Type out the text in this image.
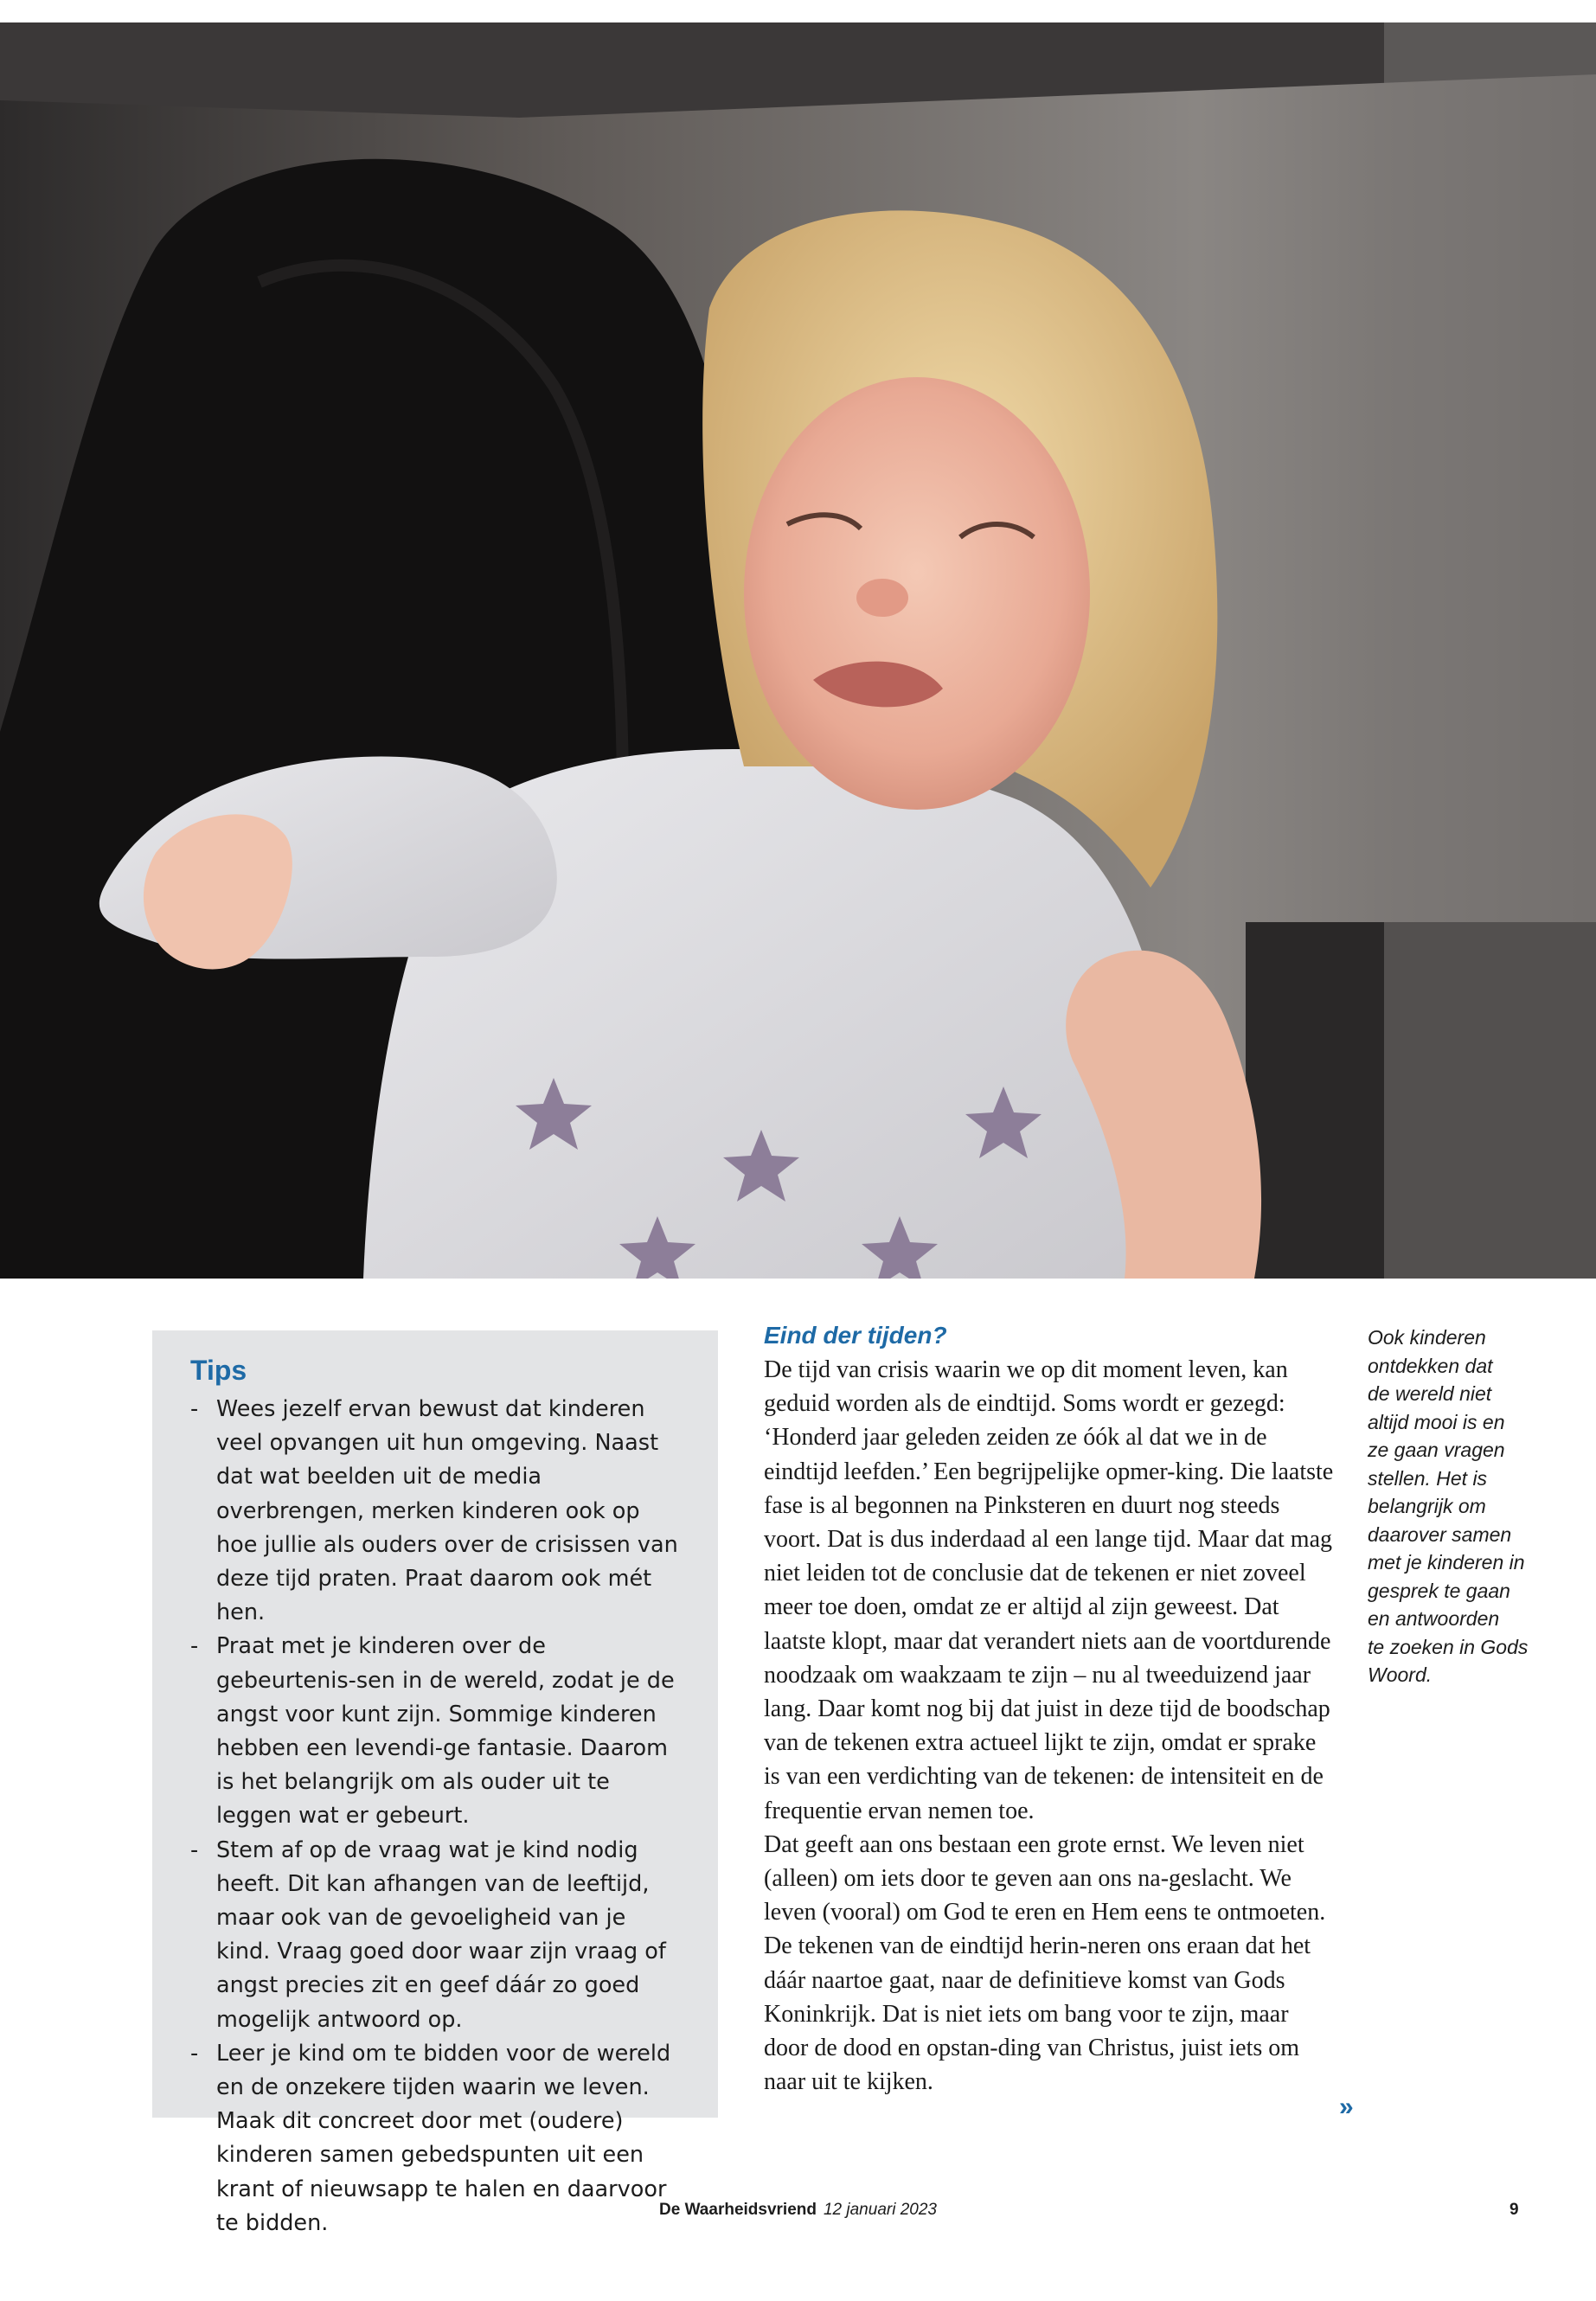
Tips
- Wees jezelf ervan bewust dat kinderen veel opvangen uit hun omgeving. Naast dat wat beelden uit de media overbrengen, merken kinderen ook op hoe jullie als ouders over de crisissen van deze tijd praten. Praat daarom ook mét hen.
- Praat met je kinderen over de gebeurtenis-sen in de wereld, zodat je de angst voor kunt zijn. Sommige kinderen hebben een levendi-ge fantasie. Daarom is het belangrijk om als ouder uit te leggen wat er gebeurt.
- Stem af op de vraag wat je kind nodig heeft. Dit kan afhangen van de leeftijd, maar ook van de gevoeligheid van je kind. Vraag goed door waar zijn vraag of angst precies zit en geef dáár zo goed mogelijk antwoord op.
- Leer je kind om te bidden voor de wereld en de onzekere tijden waarin we leven. Maak dit concreet door met (oudere) kinderen samen gebedspunten uit een krant of nieuwsapp te halen en daarvoor te bidden.
Eind der tijden?

De tijd van crisis waarin we op dit moment leven, kan geduid worden als de eindtijd. Soms wordt er gezegd: ‘Honderd jaar geleden zeiden ze óók al dat we in de eindtijd leefden.’ Een begrijpelijke opmer-king. Die laatste fase is al begonnen na Pinksteren en duurt nog steeds voort. Dat is dus inderdaad al een lange tijd. Maar dat mag niet leiden tot de conclusie dat de tekenen er niet zoveel meer toe doen, omdat ze er altijd al zijn geweest. Dat laatste klopt, maar dat verandert niets aan de voortdurende noodzaak om waakzaam te zijn – nu al tweeduizend jaar lang. Daar komt nog bij dat juist in deze tijd de boodschap van de tekenen extra actueel lijkt te zijn, omdat er sprake is van een verdichting van de tekenen: de intensiteit en de frequentie ervan nemen toe.

Dat geeft aan ons bestaan een grote ernst. We leven niet (alleen) om iets door te geven aan ons na-geslacht. We leven (vooral) om God te eren en Hem eens te ontmoeten. De tekenen van de eindtijd herin-neren ons eraan dat het dáár naartoe gaat, naar de definitieve komst van Gods Koninkrijk. Dat is niet iets om bang voor te zijn, maar door de dood en opstan-ding van Christus, juist iets om naar uit te kijken.

»
Ook kinderen
ontdekken dat
de wereld niet
altijd mooi is en
ze gaan vragen
stellen. Het is
belangrijk om
daarover samen
met je kinderen in
gesprek te gaan
en antwoorden
te zoeken in Gods
Woord.
De Waarheidsvriend 12 januari 2023	9
